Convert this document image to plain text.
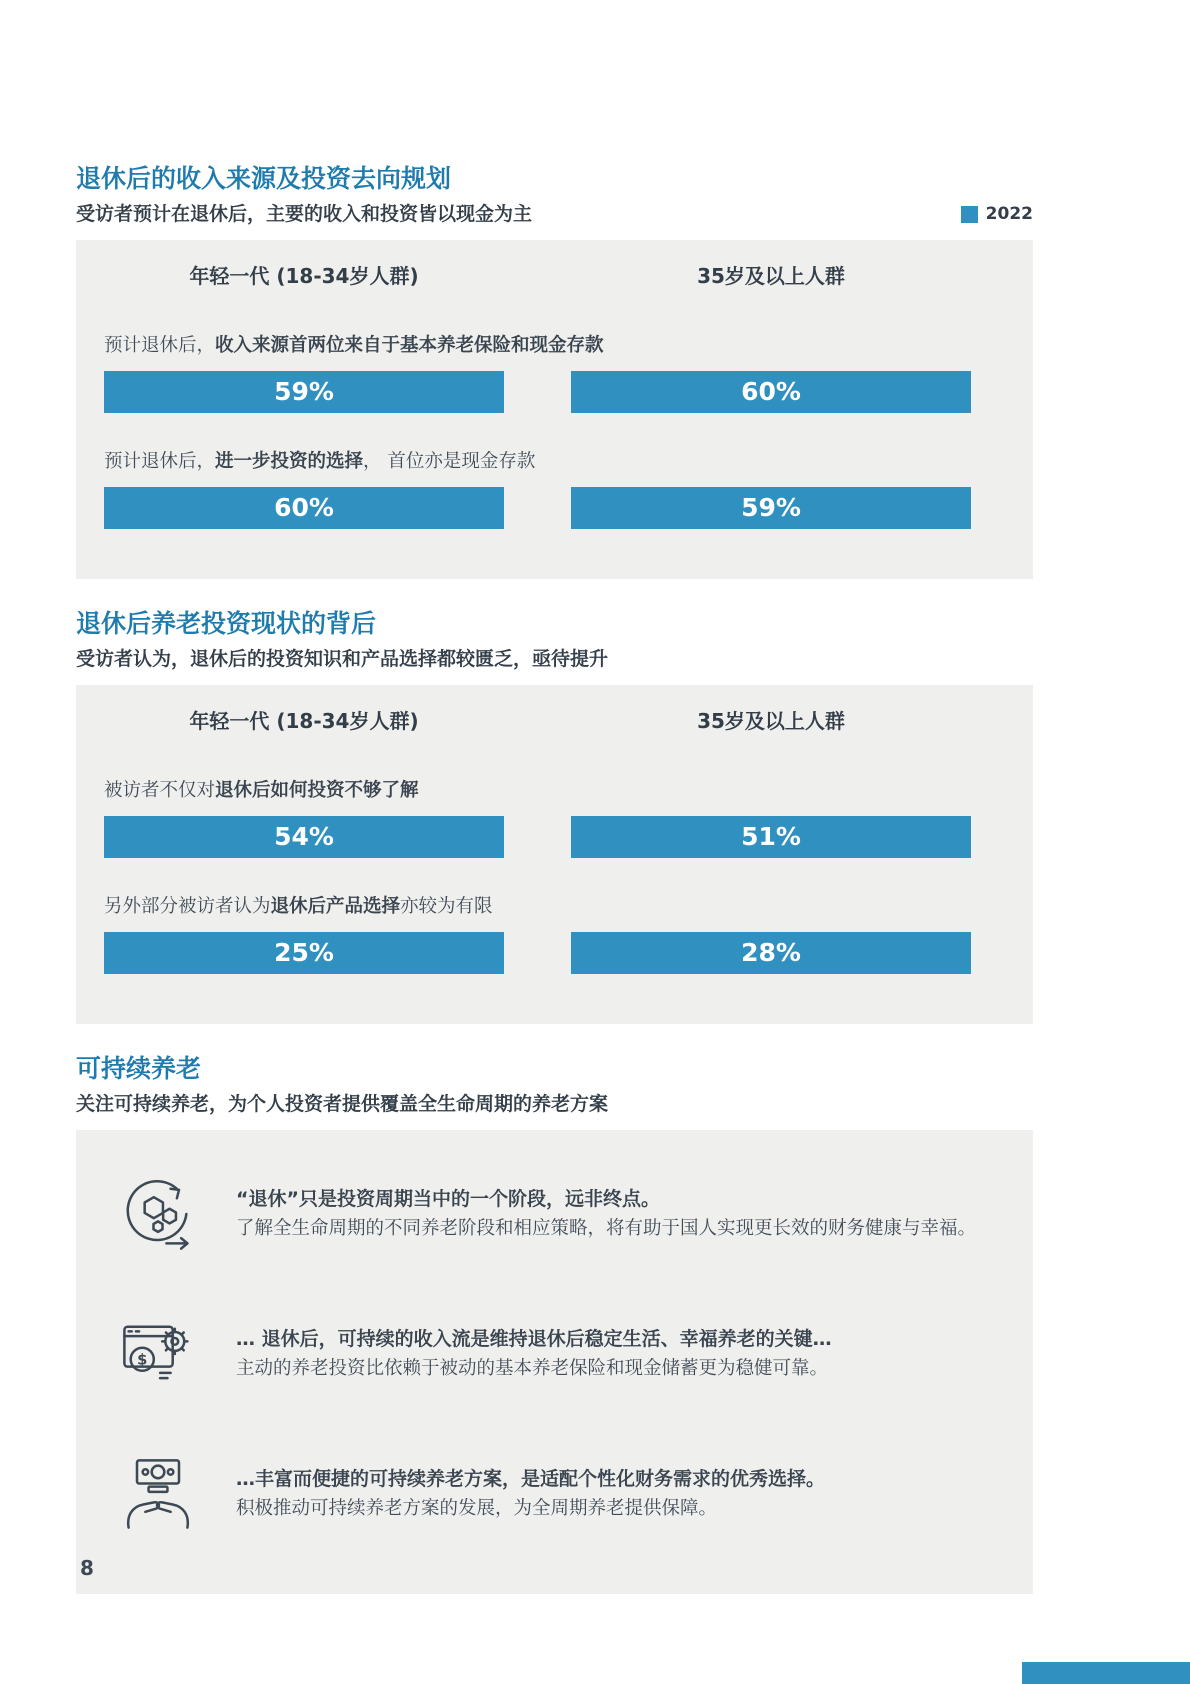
退休后的收入来源及投资去向规划

受访者预计在退休后，主要的收入和投资皆以现金为主	2022
年轻一代 (18-34岁人群)	35岁及以上人群

预计退休后，收入来源首两位来自于基本养老保险和现金存款

59%	60%

预计退休后，进一步投资的选择， 首位亦是现金存款

60%	59%
退休后养老投资现状的背后

受访者认为，退休后的投资知识和产品选择都较匮乏，亟待提升

年轻一代 (18-34岁人群)	35岁及以上人群

被访者不仅对退休后如何投资不够了解

54%	51%

另外部分被访者认为退休后产品选择亦较为有限

25%	28%
可持续养老

关注可持续养老，为个人投资者提供覆盖全生命周期的养老方案

“退休”只是投资周期当中的一个阶段，远非终点。
了解全生命周期的不同养老阶段和相应策略，将有助于国人实现更长效的财务健康与幸福。
$
… 退休后，可持续的收入流是维持退休后稳定生活、幸福养老的关键…
主动的养老投资比依赖于被动的基本养老保险和现金储蓄更为稳健可靠。
…丰富而便捷的可持续养老方案，是适配个性化财务需求的优秀选择。
积极推动可持续养老方案的发展，为全周期养老提供保障。
8
